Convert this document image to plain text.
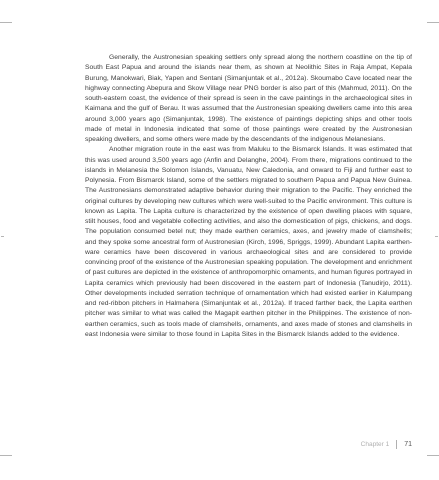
Generally, the Austronesian speaking settlers only spread along the northern coastline on the tip of South East Papua and around the islands near them, as shown at Neolithic Sites in Raja Ampat, Kepala Burung, Manokwari, Biak, Yapen and Sentani (Simanjuntak et al., 2012a). Skoumabo Cave located near the highway connecting Abepura and Skow Village near PNG border is also part of this (Mahmud, 2011). On the south-eastern coast, the evidence of their spread is seen in the cave paintings in the archaeological sites in Kaimana and the gulf of Berau. It was assumed that the Austronesian speaking dwellers came into this area around 3,000 years ago (Simanjuntak, 1998). The existence of paintings depicting ships and other tools made of metal in Indonesia indicated that some of those paintings were created by the Austronesian speaking dwellers, and some others were made by the descendants of the indigenous Melanesians.

Another migration route in the east was from Maluku to the Bismarck Islands. It was estimated that this was used around 3,500 years ago (Anfin and Delanghe, 2004). From there, migrations continued to the islands in Melanesia the Solomon Islands, Vanuatu, New Caledonia, and onward to Fiji and further east to Polynesia. From Bismarck Island, some of the settlers migrated to southern Papua and Papua New Guinea. The Austronesians demonstrated adaptive behavior during their migration to the Pacific. They enriched the original cultures by developing new cultures which were well-suited to the Pacific environment. This culture is known as Lapita. The Lapita culture is characterized by the existence of open dwelling places with square, stilt houses, food and vegetable collecting activities, and also the domestication of pigs, chickens, and dogs. The population consumed betel nut; they made earthen ceramics, axes, and jewelry made of clamshells; and they spoke some ancestral form of Austronesian (Kirch, 1996, Spriggs, 1999). Abundant Lapita earthen-ware ceramics have been discovered in various archaeological sites and are considered to provide convincing proof of the existence of the Austronesian speaking population. The development and enrichment of past cultures are depicted in the existence of anthropomorphic ornaments, and human figures portrayed in Lapita ceramics which previously had been discovered in the eastern part of Indonesia (Tanudirjo, 2011). Other developments included serration technique of ornamentation which had existed earlier in Kalumpang and red-ribbon pitchers in Halmahera (Simanjuntak et al., 2012a). If traced farther back, the Lapita earthen pitcher was similar to what was called the Magapit earthen pitcher in the Philippines. The existence of non-earthen ceramics, such as tools made of clamshells, ornaments, and axes made of stones and clamshells in east Indonesia were similar to those found in Lapita Sites in the Bismarck Islands added to the evidence.

Chapter 1 71
